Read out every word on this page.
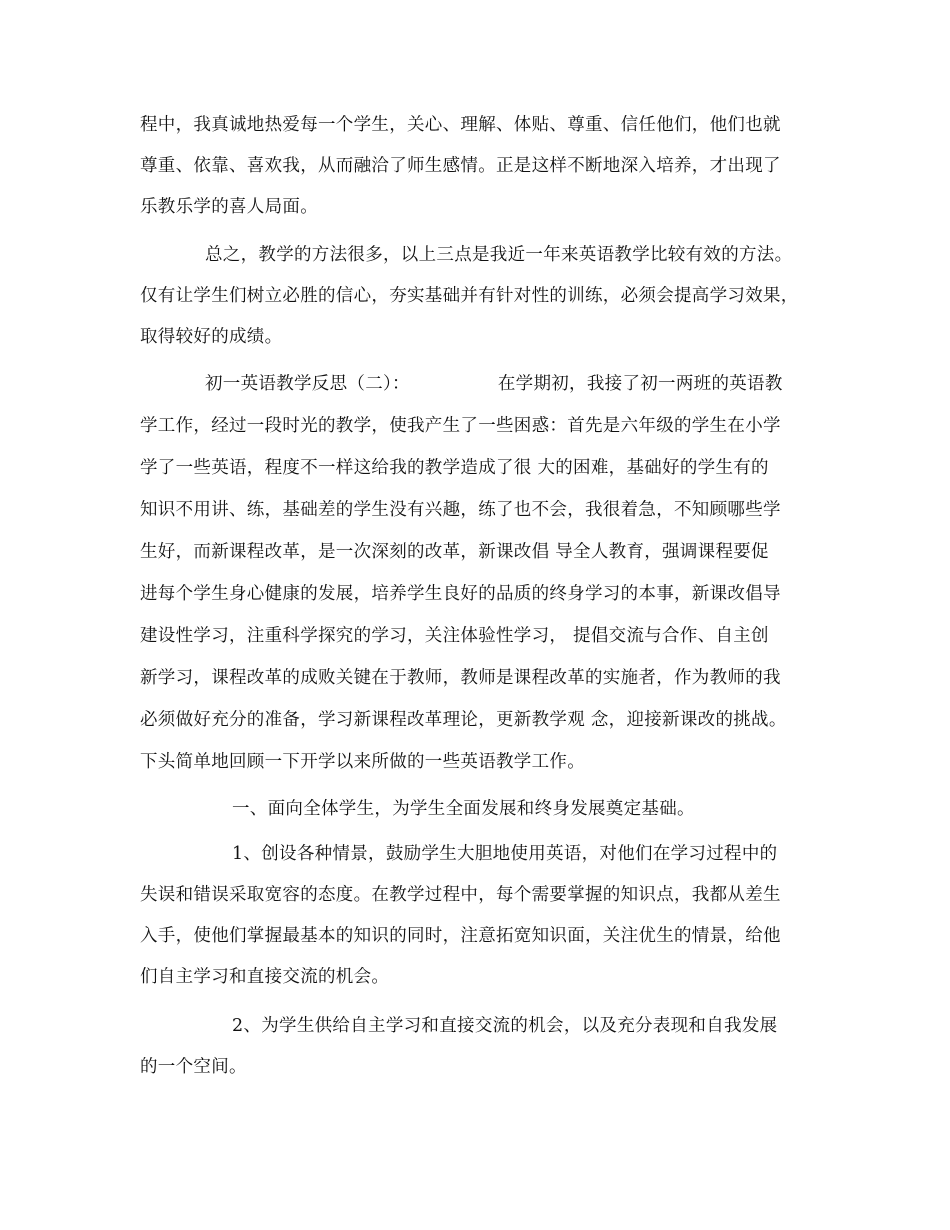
程中，我真诚地热爱每一个学生，关心、理解、体贴、尊重、信任他们，他们也就
尊重、依靠、喜欢我，从而融洽了师生感情。正是这样不断地深入培养，才出现了
乐教乐学的喜人局面。
总之，教学的方法很多，以上三点是我近一年来英语教学比较有效的方法。
仅有让学生们树立必胜的信心，夯实基础并有针对性的训练，必须会提高学习效果，
取得较好的成绩。
初一英语教学反思（二）：	在学期初，我接了初一两班的英语教
学工作，经过一段时光的教学，使我产生了一些困惑：首先是六年级的学生在小学
学了一些英语，程度不一样这给我的教学造成了很 大的困难，基础好的学生有的
知识不用讲、练，基础差的学生没有兴趣，练了也不会，我很着急，不知顾哪些学
生好，而新课程改革，是一次深刻的改革，新课改倡 导全人教育，强调课程要促
进每个学生身心健康的发展，培养学生良好的品质的终身学习的本事，新课改倡导
建设性学习，注重科学探究的学习，关注体验性学习， 提倡交流与合作、自主创
新学习，课程改革的成败关键在于教师，教师是课程改革的实施者，作为教师的我
必须做好充分的准备，学习新课程改革理论，更新教学观 念，迎接新课改的挑战。
下头简单地回顾一下开学以来所做的一些英语教学工作。
一、面向全体学生，为学生全面发展和终身发展奠定基础。
1、创设各种情景，鼓励学生大胆地使用英语，对他们在学习过程中的
失误和错误采取宽容的态度。在教学过程中，每个需要掌握的知识点，我都从差生
入手，使他们掌握最基本的知识的同时，注意拓宽知识面，关注优生的情景，给他
们自主学习和直接交流的机会。
2、为学生供给自主学习和直接交流的机会，以及充分表现和自我发展
的一个空间。
